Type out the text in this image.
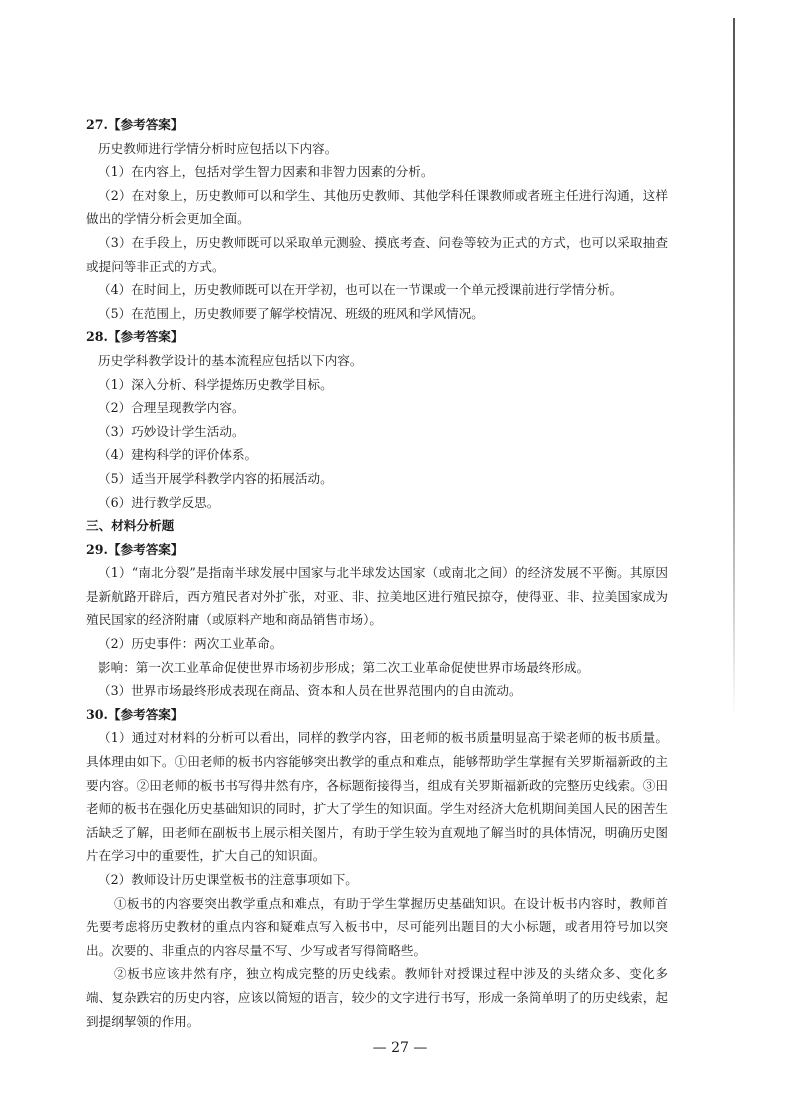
27.【参考答案】

历史教师进行学情分析时应包括以下内容。

（1）在内容上，包括对学生智力因素和非智力因素的分析。

（2）在对象上，历史教师可以和学生、其他历史教师、其他学科任课教师或者班主任进行沟通，这样做出的学情分析会更加全面。

（3）在手段上，历史教师既可以采取单元测验、摸底考查、问卷等较为正式的方式，也可以采取抽查或提问等非正式的方式。

（4）在时间上，历史教师既可以在开学初，也可以在一节课或一个单元授课前进行学情分析。

（5）在范围上，历史教师要了解学校情况、班级的班风和学风情况。

28.【参考答案】

历史学科教学设计的基本流程应包括以下内容。

（1）深入分析、科学提炼历史教学目标。

（2）合理呈现教学内容。

（3）巧妙设计学生活动。

（4）建构科学的评价体系。

（5）适当开展学科教学内容的拓展活动。

（6）进行教学反思。

三、材料分析题

29.【参考答案】

（1）“南北分裂”是指南半球发展中国家与北半球发达国家（或南北之间）的经济发展不平衡。其原因是新航路开辟后，西方殖民者对外扩张，对亚、非、拉美地区进行殖民掠夺，使得亚、非、拉美国家成为殖民国家的经济附庸（或原料产地和商品销售市场）。

（2）历史事件：两次工业革命。

影响：第一次工业革命促使世界市场初步形成；第二次工业革命促使世界市场最终形成。

（3）世界市场最终形成表现在商品、资本和人员在世界范围内的自由流动。

30.【参考答案】

（1）通过对材料的分析可以看出，同样的教学内容，田老师的板书质量明显高于梁老师的板书质量。具体理由如下。①田老师的板书内容能够突出教学的重点和难点，能够帮助学生掌握有关罗斯福新政的主要内容。②田老师的板书书写得井然有序，各标题衔接得当，组成有关罗斯福新政的完整历史线索。③田老师的板书在强化历史基础知识的同时，扩大了学生的知识面。学生对经济大危机期间美国人民的困苦生活缺乏了解，田老师在副板书上展示相关图片，有助于学生较为直观地了解当时的具体情况，明确历史图片在学习中的重要性，扩大自己的知识面。

（2）教师设计历史课堂板书的注意事项如下。

①板书的内容要突出教学重点和难点，有助于学生掌握历史基础知识。在设计板书内容时，教师首先要考虑将历史教材的重点内容和疑难点写入板书中，尽可能列出题目的大小标题，或者用符号加以突出。次要的、非重点的内容尽量不写、少写或者写得简略些。

②板书应该井然有序，独立构成完整的历史线索。教师针对授课过程中涉及的头绪众多、变化多端、复杂跌宕的历史内容，应该以简短的语言，较少的文字进行书写，形成一条简单明了的历史线索，起到提纲挈领的作用。

— 27 —
